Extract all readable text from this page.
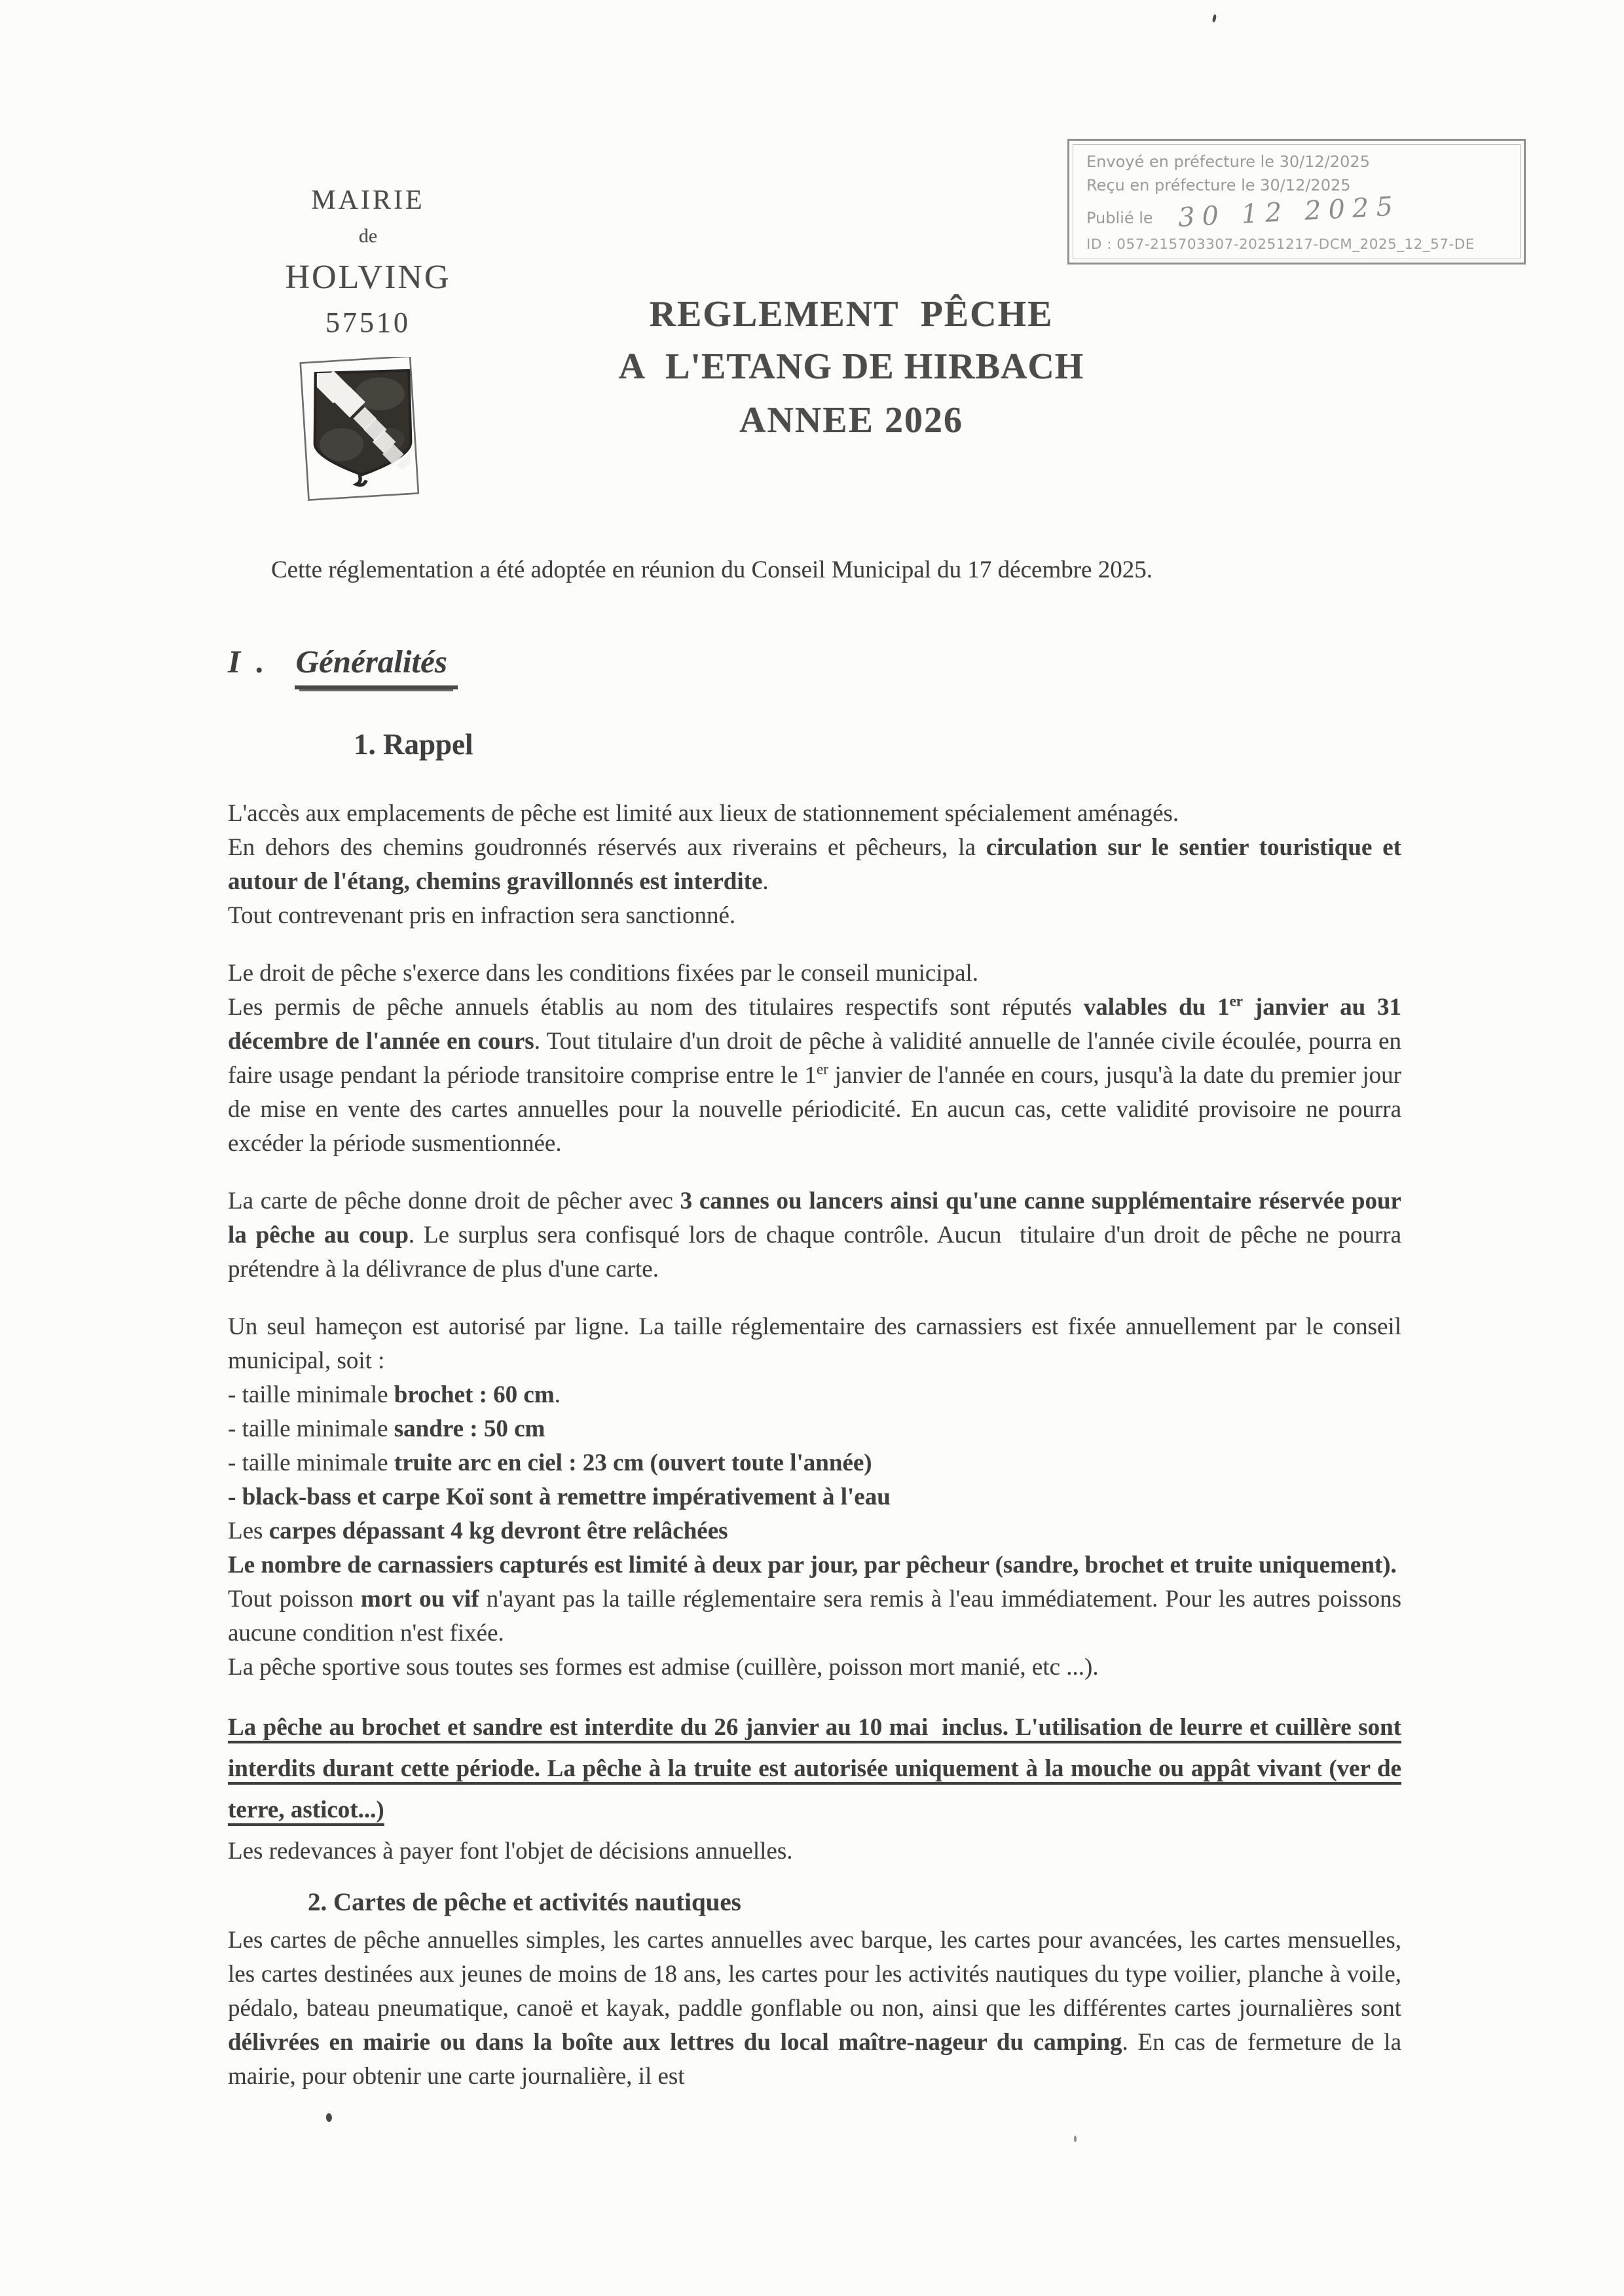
MAIRIE
de
HOLVING
57510
Envoyé en préfecture le 30/12/2025
Reçu en préfecture le 30/12/2025
Publié le 30 12 2025
ID : 057-215703307-20251217-DCM_2025_12_57-DE
REGLEMENT  PÊCHE
A  L'ETANG DE HIRBACH
ANNEE 2026
Cette réglementation a été adoptée en réunion du Conseil Municipal du 17 décembre 2025.
I . Généralités
1. Rappel
L'accès aux emplacements de pêche est limité aux lieux de stationnement spécialement aménagés.
En dehors des chemins goudronnés réservés aux riverains et pêcheurs, la circulation sur le sentier touristique et autour de l'étang, chemins gravillonnés est interdite.
Tout contrevenant pris en infraction sera sanctionné.
Le droit de pêche s'exerce dans les conditions fixées par le conseil municipal.
Les permis de pêche annuels établis au nom des titulaires respectifs sont réputés valables du 1er janvier au 31 décembre de l'année en cours. Tout titulaire d'un droit de pêche à validité annuelle de l'année civile écoulée, pourra en faire usage pendant la période transitoire comprise entre le 1er janvier de l'année en cours, jusqu'à la date du premier jour de mise en vente des cartes annuelles pour la nouvelle périodicité. En aucun cas, cette validité provisoire ne pourra excéder la période susmentionnée.
La carte de pêche donne droit de pêcher avec 3 cannes ou lancers ainsi qu'une canne supplémentaire réservée pour la pêche au coup. Le surplus sera confisqué lors de chaque contrôle. Aucun  titulaire d'un droit de pêche ne pourra prétendre à la délivrance de plus d'une carte.
Un seul hameçon est autorisé par ligne. La taille réglementaire des carnassiers est fixée annuellement par le conseil municipal, soit :
- taille minimale brochet : 60 cm.
- taille minimale sandre : 50 cm
- taille minimale truite arc en ciel : 23 cm (ouvert toute l'année)
- black-bass et carpe Koï sont à remettre impérativement à l'eau
Les carpes dépassant 4 kg devront être relâchées
Le nombre de carnassiers capturés est limité à deux par jour, par pêcheur (sandre, brochet et truite uniquement).
Tout poisson mort ou vif n'ayant pas la taille réglementaire sera remis à l'eau immédiatement. Pour les autres poissons aucune condition n'est fixée.
La pêche sportive sous toutes ses formes est admise (cuillère, poisson mort manié, etc ...).
La pêche au brochet et sandre est interdite du 26 janvier au 10 mai  inclus. L'utilisation de leurre et cuillère sont interdits durant cette période. La pêche à la truite est autorisée uniquement à la mouche ou appât vivant (ver de terre, asticot...)
Les redevances à payer font l'objet de décisions annuelles.
2. Cartes de pêche et activités nautiques
Les cartes de pêche annuelles simples, les cartes annuelles avec barque, les cartes pour avancées, les cartes mensuelles, les cartes destinées aux jeunes de moins de 18 ans, les cartes pour les activités nautiques du type voilier, planche à voile, pédalo, bateau pneumatique, canoë et kayak, paddle gonflable ou non, ainsi que les différentes cartes journalières sont délivrées en mairie ou dans la boîte aux lettres du local maître-nageur du camping. En cas de fermeture de la mairie, pour obtenir une carte journalière, il est
